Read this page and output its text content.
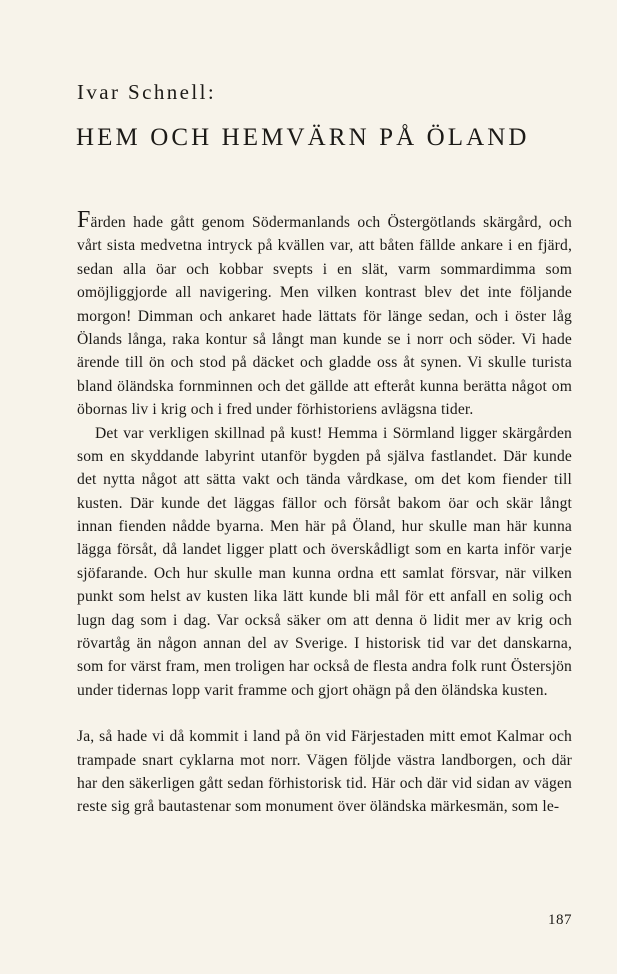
Ivar Schnell:
HEM OCH HEMVÄRN PÅ ÖLAND

Färden hade gått genom Södermanlands och Östergötlands skärgård, och vårt sista medvetna intryck på kvällen var, att båten fällde ankare i en fjärd, sedan alla öar och kobbar svepts i en slät, varm sommardimma som omöjliggjorde all navigering. Men vilken kontrast blev det inte följande morgon! Dimman och ankaret hade lättats för länge sedan, och i öster låg Ölands långa, raka kontur så långt man kunde se i norr och söder. Vi hade ärende till ön och stod på däcket och gladde oss åt synen. Vi skulle turista bland öländska fornminnen och det gällde att efteråt kunna berätta något om öbornas liv i krig och i fred under förhistoriens avlägsna tider.

Det var verkligen skillnad på kust! Hemma i Sörmland ligger skärgården som en skyddande labyrint utanför bygden på själva fastlandet. Där kunde det nytta något att sätta vakt och tända vårdkase, om det kom fiender till kusten. Där kunde det läggas fällor och försåt bakom öar och skär långt innan fienden nådde byarna. Men här på Öland, hur skulle man här kunna lägga försåt, då landet ligger platt och överskådligt som en karta inför varje sjöfarande. Och hur skulle man kunna ordna ett samlat försvar, när vilken punkt som helst av kusten lika lätt kunde bli mål för ett anfall en solig och lugn dag som i dag. Var också säker om att denna ö lidit mer av krig och rövartåg än någon annan del av Sverige. I historisk tid var det danskarna, som for värst fram, men troligen har också de flesta andra folk runt Östersjön under tidernas lopp varit framme och gjort ohägn på den öländska kusten.

Ja, så hade vi då kommit i land på ön vid Färjestaden mitt emot Kalmar och trampade snart cyklarna mot norr. Vägen följde västra landborgen, och där har den säkerligen gått sedan förhistorisk tid. Här och där vid sidan av vägen reste sig grå bautastenar som monument över öländska märkesmän, som le-

187
